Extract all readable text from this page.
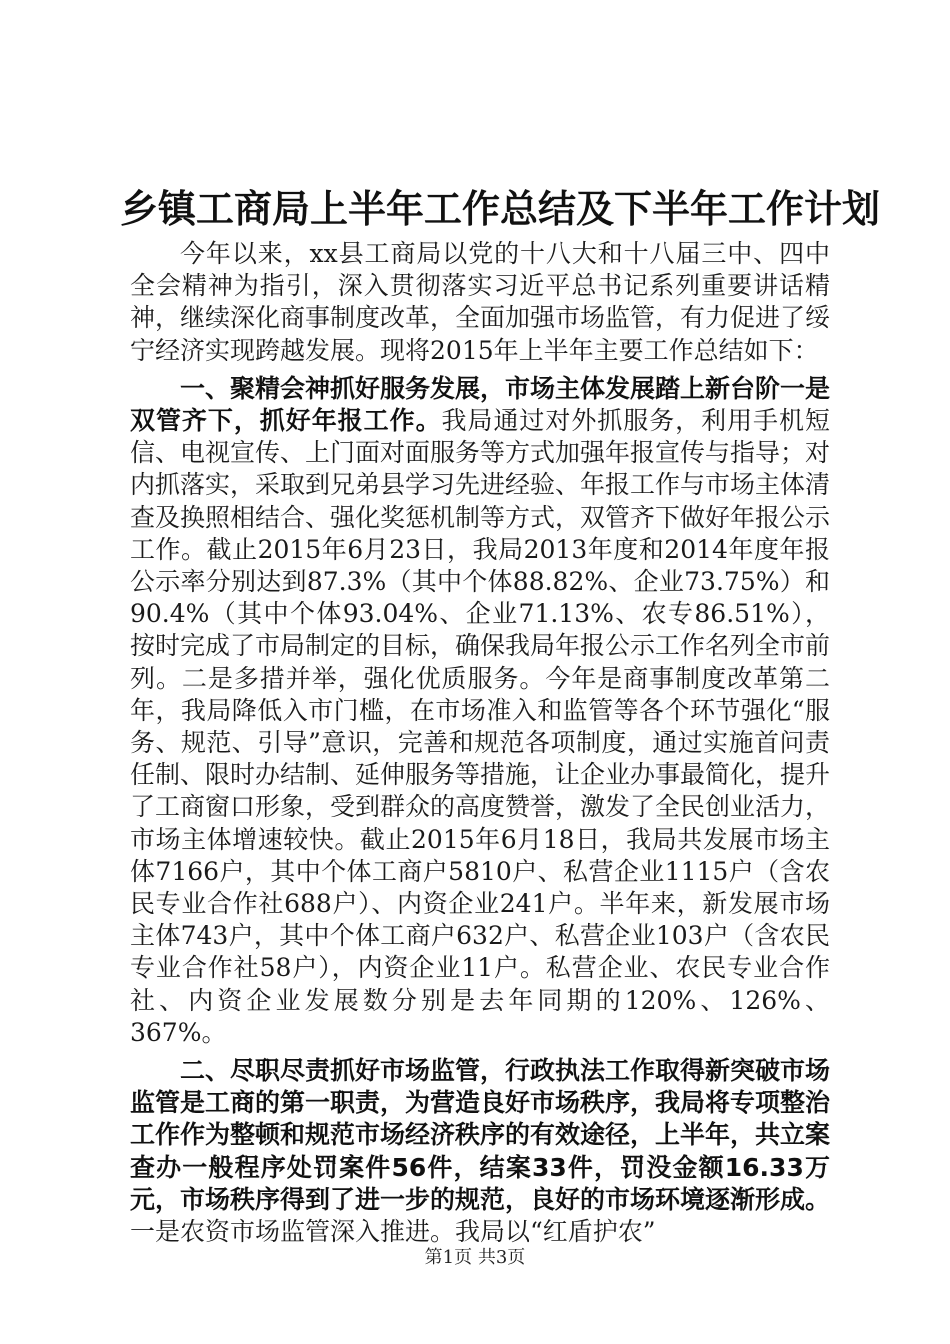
乡镇工商局上半年工作总结及下半年工作计划

今年以来，xx县工商局以党的十八大和十八届三中、四中全会精神为指引，深入贯彻落实习近平总书记系列重要讲话精神，继续深化商事制度改革，全面加强市场监管，有力促进了绥宁经济实现跨越发展。现将2015年上半年主要工作总结如下：

一、聚精会神抓好服务发展，市场主体发展踏上新台阶一是双管齐下，抓好年报工作。我局通过对外抓服务，利用手机短信、电视宣传、上门面对面服务等方式加强年报宣传与指导；对内抓落实，采取到兄弟县学习先进经验、年报工作与市场主体清查及换照相结合、强化奖惩机制等方式，双管齐下做好年报公示工作。截止2015年6月23日，我局2013年度和2014年度年报公示率分别达到87.3%（其中个体88.82%、企业73.75%）和90.4%（其中个体93.04%、企业71.13%、农专86.51%），按时完成了市局制定的目标，确保我局年报公示工作名列全市前列。二是多措并举，强化优质服务。今年是商事制度改革第二年，我局降低入市门槛，在市场准入和监管等各个环节强化“服务、规范、引导”意识，完善和规范各项制度，通过实施首问责任制、限时办结制、延伸服务等措施，让企业办事最简化，提升了工商窗口形象，受到群众的高度赞誉，激发了全民创业活力，市场主体增速较快。截止2015年6月18日，我局共发展市场主体7166户，其中个体工商户5810户、私营企业1115户（含农民专业合作社688户）、内资企业241户。半年来，新发展市场主体743户，其中个体工商户632户、私营企业103户（含农民专业合作社58户），内资企业11户。私营企业、农民专业合作社、内资企业发展数分别是去年同期的120%、126%、367%。

二、尽职尽责抓好市场监管，行政执法工作取得新突破市场监管是工商的第一职责，为营造良好市场秩序，我局将专项整治工作作为整顿和规范市场经济秩序的有效途径，上半年，共立案查办一般程序处罚案件56件，结案33件，罚没金额16.33万元，市场秩序得到了进一步的规范，良好的市场环境逐渐形成。一是农资市场监管深入推进。我局以“红盾护农”

第1页 共3页
